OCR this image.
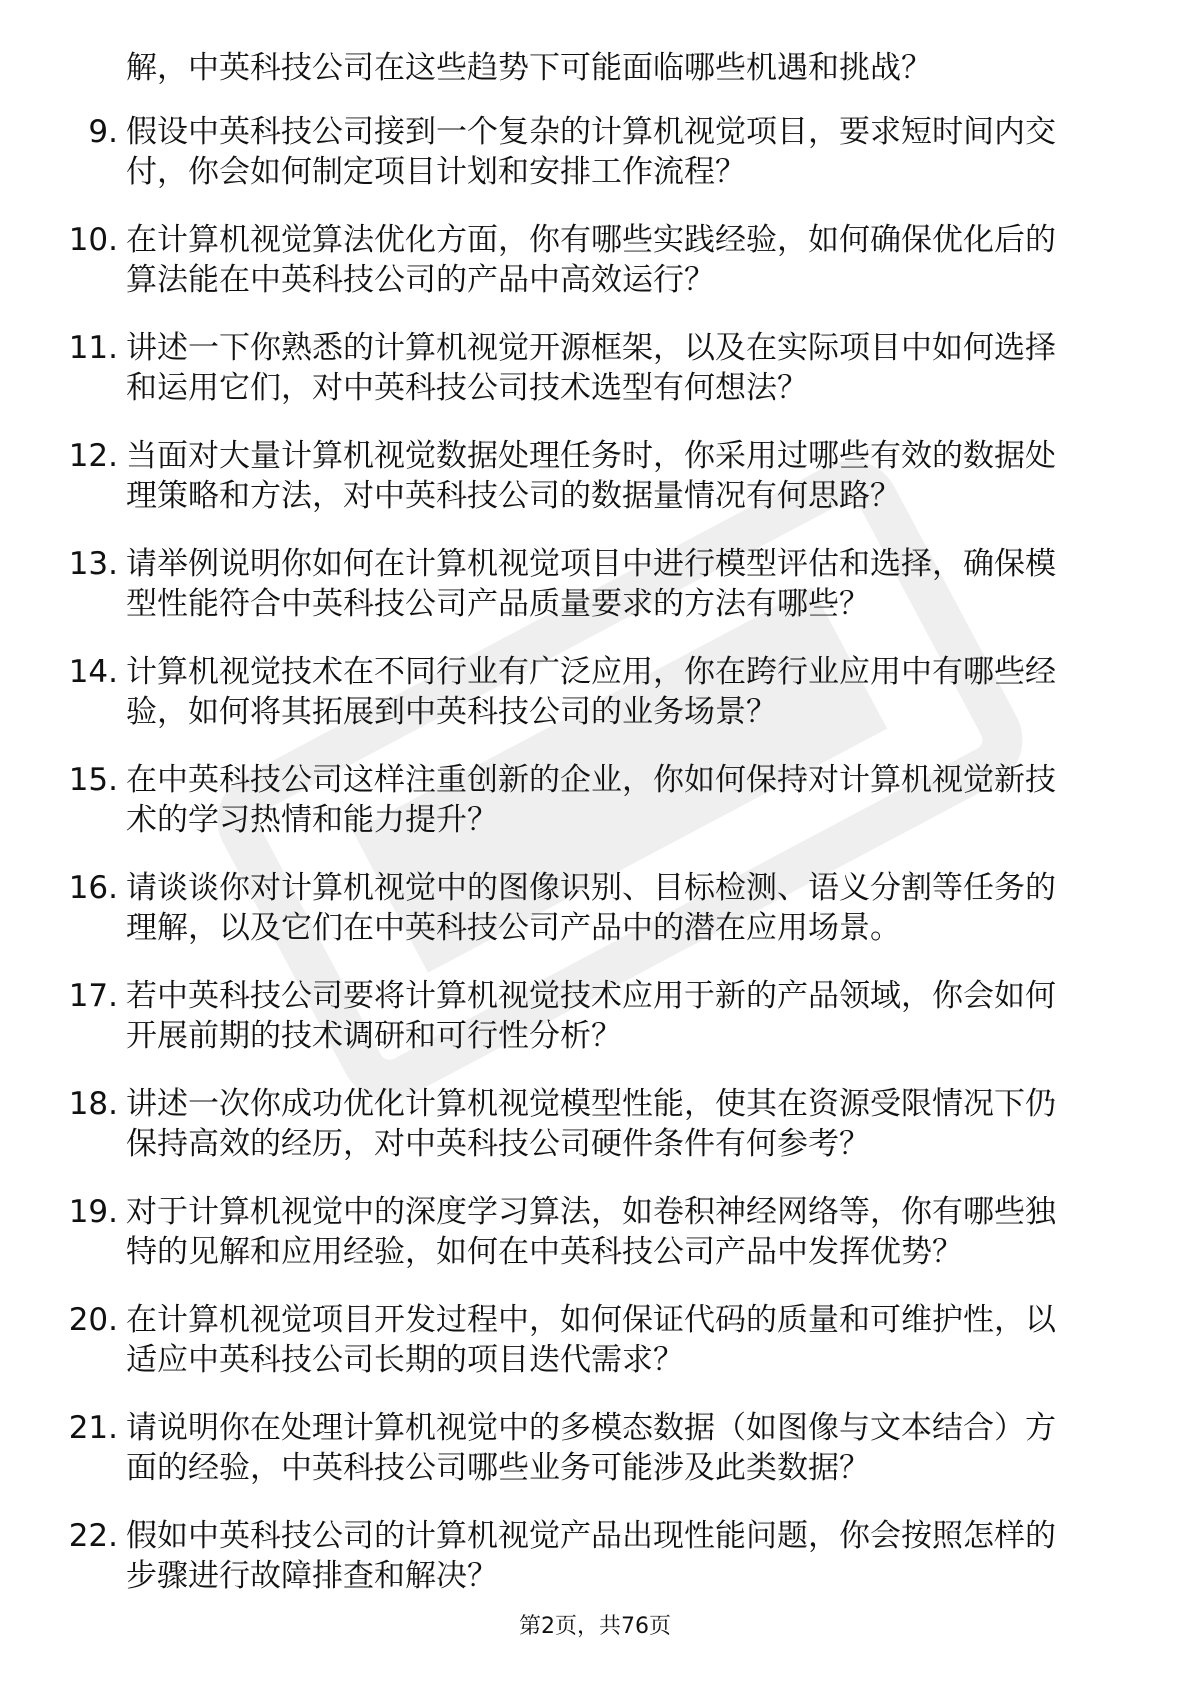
解，中英科技公司在这些趋势下可能面临哪些机遇和挑战？
9. 假设中英科技公司接到一个复杂的计算机视觉项目，要求短时间内交付，你会如何制定项目计划和安排工作流程？
10. 在计算机视觉算法优化方面，你有哪些实践经验，如何确保优化后的算法能在中英科技公司的产品中高效运行？
11. 讲述一下你熟悉的计算机视觉开源框架，以及在实际项目中如何选择和运用它们，对中英科技公司技术选型有何想法？
12. 当面对大量计算机视觉数据处理任务时，你采用过哪些有效的数据处理策略和方法，对中英科技公司的数据量情况有何思路？
13. 请举例说明你如何在计算机视觉项目中进行模型评估和选择，确保模型性能符合中英科技公司产品质量要求的方法有哪些？
14. 计算机视觉技术在不同行业有广泛应用，你在跨行业应用中有哪些经验，如何将其拓展到中英科技公司的业务场景？
15. 在中英科技公司这样注重创新的企业，你如何保持对计算机视觉新技术的学习热情和能力提升？
16. 请谈谈你对计算机视觉中的图像识别、目标检测、语义分割等任务的理解，以及它们在中英科技公司产品中的潜在应用场景。
17. 若中英科技公司要将计算机视觉技术应用于新的产品领域，你会如何开展前期的技术调研和可行性分析？
18. 讲述一次你成功优化计算机视觉模型性能，使其在资源受限情况下仍保持高效的经历，对中英科技公司硬件条件有何参考？
19. 对于计算机视觉中的深度学习算法，如卷积神经网络等，你有哪些独特的见解和应用经验，如何在中英科技公司产品中发挥优势？
20. 在计算机视觉项目开发过程中，如何保证代码的质量和可维护性，以适应中英科技公司长期的项目迭代需求？
21. 请说明你在处理计算机视觉中的多模态数据（如图像与文本结合）方面的经验，中英科技公司哪些业务可能涉及此类数据？
22. 假如中英科技公司的计算机视觉产品出现性能问题，你会按照怎样的步骤进行故障排查和解决？
第2页，共76页
